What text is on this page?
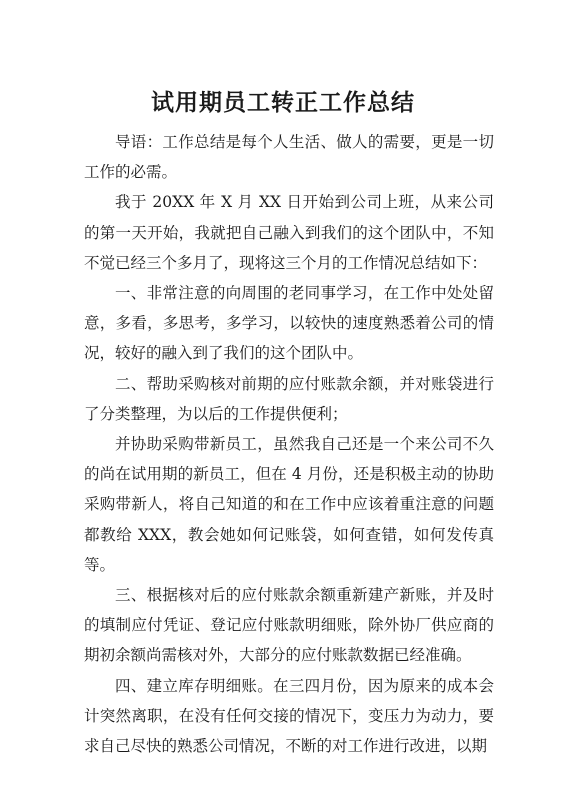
试用期员工转正工作总结

导语：工作总结是每个人生活、做人的需要，更是一切工作的必需。

我于 20XX 年 X 月 XX 日开始到公司上班，从来公司的第一天开始，我就把自己融入到我们的这个团队中，不知不觉已经三个多月了，现将这三个月的工作情况总结如下：

一、非常注意的向周围的老同事学习，在工作中处处留意，多看，多思考，多学习，以较快的速度熟悉着公司的情况，较好的融入到了我们的这个团队中。

二、帮助采购核对前期的应付账款余额，并对账袋进行了分类整理，为以后的工作提供便利；

并协助采购带新员工，虽然我自己还是一个来公司不久的尚在试用期的新员工，但在 4 月份，还是积极主动的协助采购带新人，将自己知道的和在工作中应该着重注意的问题都教给 XXX，教会她如何记账袋，如何查错，如何发传真等。

三、根据核对后的应付账款余额重新建产新账，并及时的填制应付凭证、登记应付账款明细账，除外协厂供应商的期初余额尚需核对外，大部分的应付账款数据已经准确。

四、建立库存明细账。在三四月份，因为原来的成本会计突然离职，在没有任何交接的情况下，变压力为动力，要求自己尽快的熟悉公司情况，不断的对工作进行改进，以期
